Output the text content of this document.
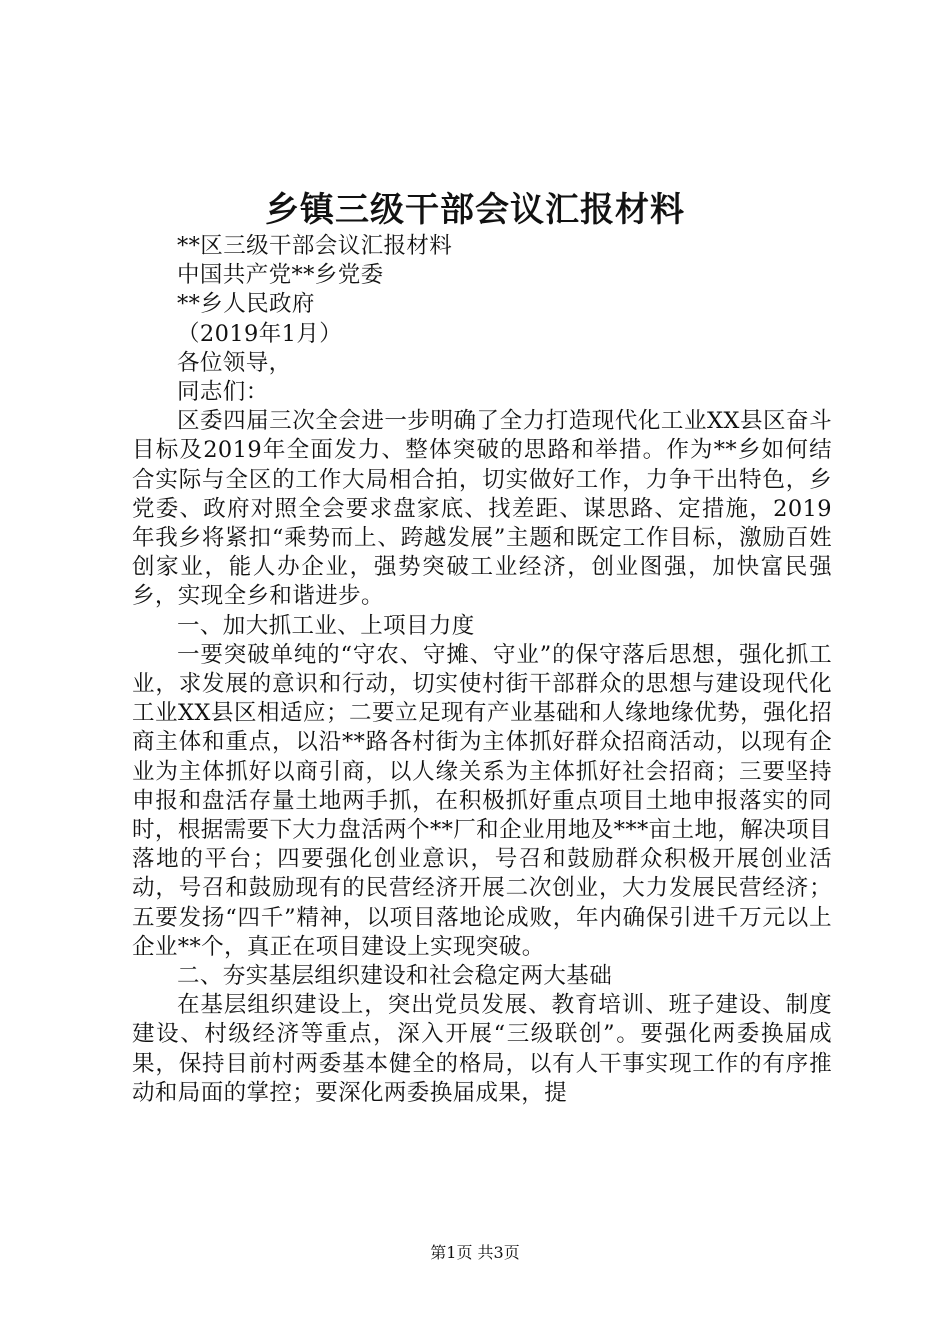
乡镇三级干部会议汇报材料

**区三级干部会议汇报材料

中国共产党**乡党委

**乡人民政府

（2019年1月）

各位领导，

同志们：

区委四届三次全会进一步明确了全力打造现代化工业XX县区奋斗目标及2019年全面发力、整体突破的思路和举措。作为**乡如何结合实际与全区的工作大局相合拍，切实做好工作，力争干出特色，乡党委、政府对照全会要求盘家底、找差距、谋思路、定措施，2019年我乡将紧扣“乘势而上、跨越发展”主题和既定工作目标，激励百姓创家业，能人办企业，强势突破工业经济，创业图强，加快富民强乡，实现全乡和谐进步。

一、加大抓工业、上项目力度

一要突破单纯的“守农、守摊、守业”的保守落后思想，强化抓工业，求发展的意识和行动，切实使村街干部群众的思想与建设现代化工业XX县区相适应；二要立足现有产业基础和人缘地缘优势，强化招商主体和重点，以沿**路各村街为主体抓好群众招商活动，以现有企业为主体抓好以商引商，以人缘关系为主体抓好社会招商；三要坚持申报和盘活存量土地两手抓，在积极抓好重点项目土地申报落实的同时，根据需要下大力盘活两个**厂和企业用地及***亩土地，解决项目落地的平台；四要强化创业意识，号召和鼓励群众积极开展创业活动，号召和鼓励现有的民营经济开展二次创业，大力发展民营经济；五要发扬“四千”精神，以项目落地论成败，年内确保引进千万元以上企业**个，真正在项目建设上实现突破。

二、夯实基层组织建设和社会稳定两大基础

在基层组织建设上，突出党员发展、教育培训、班子建设、制度建设、村级经济等重点，深入开展“三级联创”。要强化两委换届成果，保持目前村两委基本健全的格局，以有人干事实现工作的有序推动和局面的掌控；要深化两委换届成果，提

第1页 共3页
